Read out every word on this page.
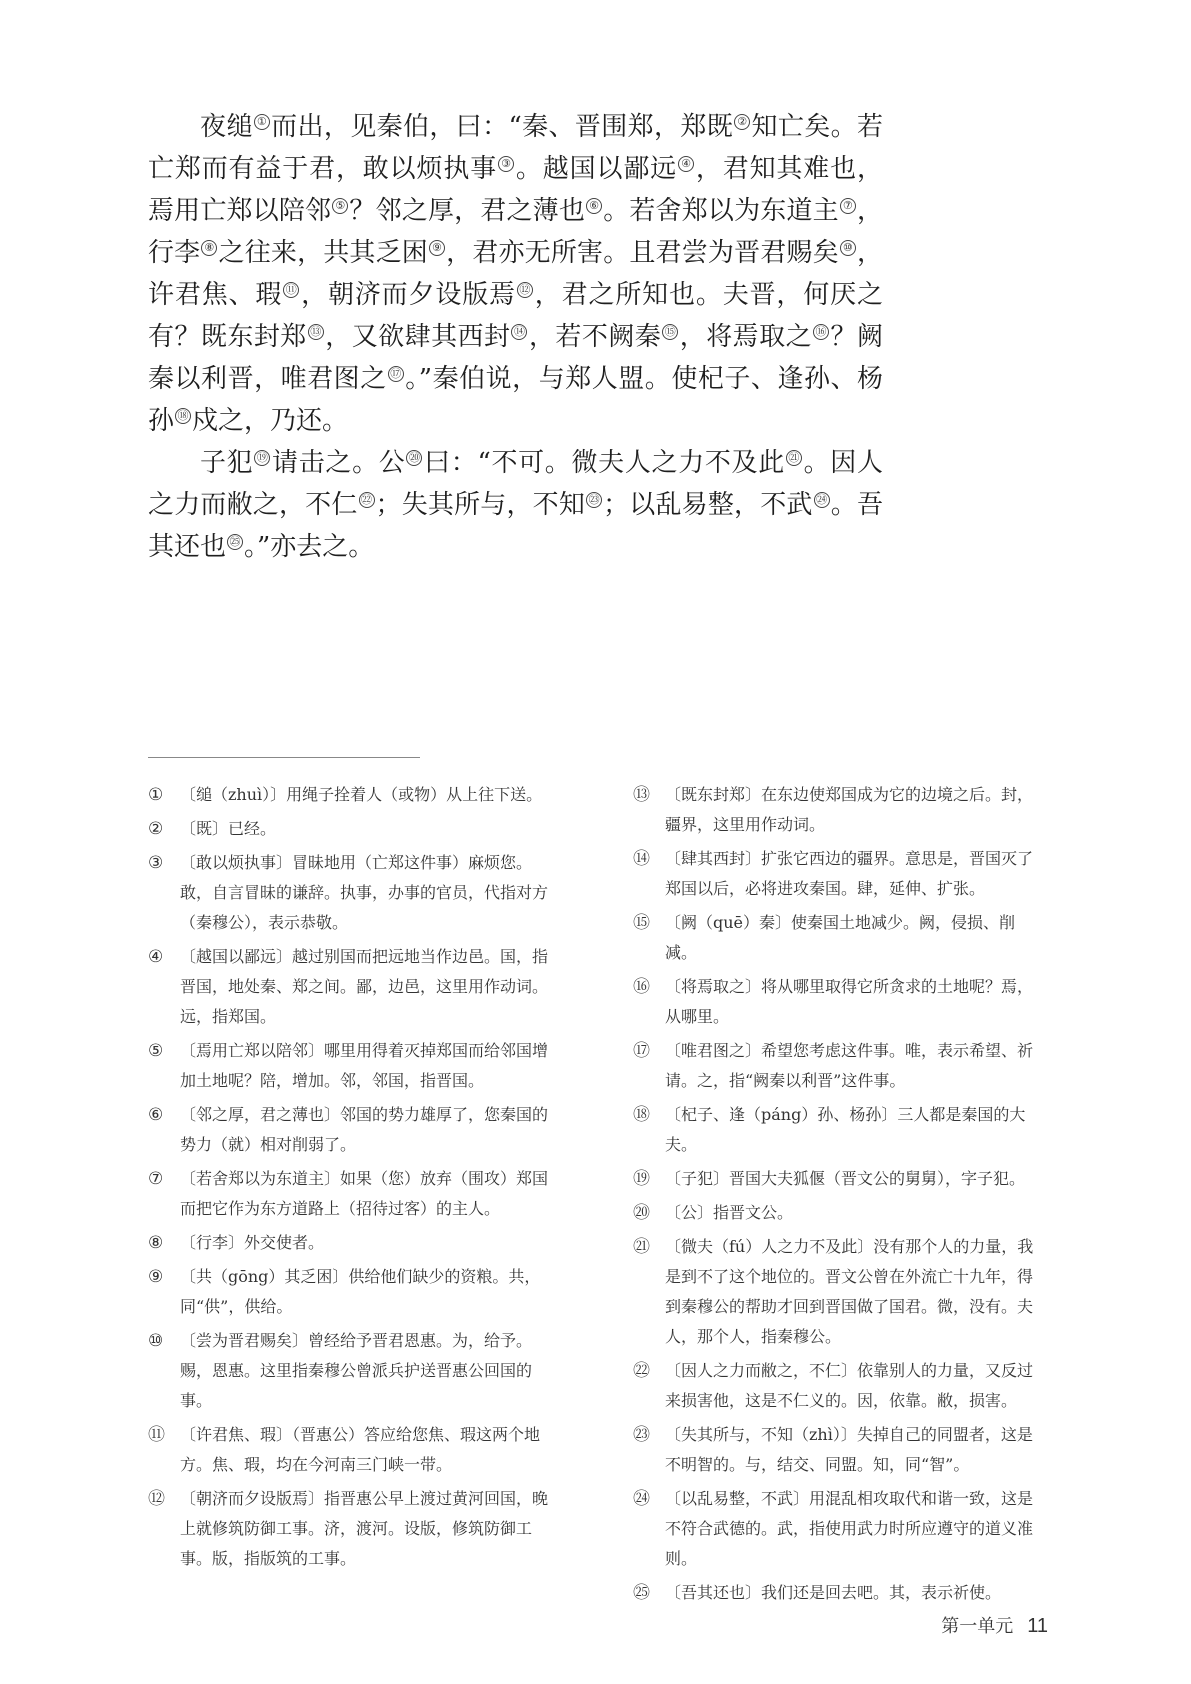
夜缒 ① 而出，见秦伯，曰：“秦、晋围郑，郑既 ② 知亡矣。若亡郑而有益于君，敢以烦执事 ③ 。越国以鄙远 ④ ，君知其难也，焉用亡郑以陪邻 ⑤ ？邻之厚，君之薄也 ⑥ 。若舍郑以为东道主 ⑦ ，行李 ⑧ 之往来，共其乏困 ⑨ ，君亦无所害。且君尝为晋君赐矣 ⑩ ，许君焦、瑕 ⑪ ，朝济而夕设版焉 ⑫ ，君之所知也。夫晋，何厌之有？既东封郑 ⑬ ，又欲肆其西封 ⑭ ，若不阙秦 ⑮ ，将焉取之 ⑯ ？阙秦以利晋，唯君图之 ⑰ 。”秦伯说，与郑人盟。使杞子、逢孙、杨孙 ⑱ 戍之，乃还。

子犯 ⑲ 请击之。公 ⑳ 曰：“不可。微夫人之力不及此 ㉑ 。因人之力而敝之，不仁 ㉒ ；失其所与，不知 ㉓ ；以乱易整，不武 ㉔ 。吾其还也 ㉕ 。”亦去之。

① 〔缒（zhuì）〕用绳子拴着人（或物）从上往下送。
② 〔既〕已经。
③ 〔敢以烦执事〕冒昧地用（亡郑这件事）麻烦您。敢，自言冒昧的谦辞。执事，办事的官员，代指对方（秦穆公），表示恭敬。
④ 〔越国以鄙远〕越过别国而把远地当作边邑。国，指晋国，地处秦、郑之间。鄙，边邑，这里用作动词。远，指郑国。
⑤ 〔焉用亡郑以陪邻〕哪里用得着灭掉郑国而给邻国增加土地呢？陪，增加。邻，邻国，指晋国。
⑥ 〔邻之厚，君之薄也〕邻国的势力雄厚了，您秦国的势力（就）相对削弱了。
⑦ 〔若舍郑以为东道主〕如果（您）放弃（围攻）郑国而把它作为东方道路上（招待过客）的主人。
⑧ 〔行李〕外交使者。
⑨ 〔共（gōng）其乏困〕供给他们缺少的资粮。共，同“供”，供给。
⑩ 〔尝为晋君赐矣〕曾经给予晋君恩惠。为，给予。赐，恩惠。这里指秦穆公曾派兵护送晋惠公回国的事。
⑪ 〔许君焦、瑕〕（晋惠公）答应给您焦、瑕这两个地方。焦、瑕，均在今河南三门峡一带。
⑫ 〔朝济而夕设版焉〕指晋惠公早上渡过黄河回国，晚上就修筑防御工事。济，渡河。设版，修筑防御工事。版，指版筑的工事。
⑬ 〔既东封郑〕在东边使郑国成为它的边境之后。封，疆界，这里用作动词。
⑭ 〔肆其西封〕扩张它西边的疆界。意思是，晋国灭了郑国以后，必将进攻秦国。肆，延伸、扩张。
⑮ 〔阙（quē）秦〕使秦国土地减少。阙，侵损、削减。
⑯ 〔将焉取之〕将从哪里取得它所贪求的土地呢？焉，从哪里。
⑰ 〔唯君图之〕希望您考虑这件事。唯，表示希望、祈请。之，指“阙秦以利晋”这件事。
⑱ 〔杞子、逢（páng）孙、杨孙〕三人都是秦国的大夫。
⑲ 〔子犯〕晋国大夫狐偃（晋文公的舅舅），字子犯。
⑳ 〔公〕指晋文公。
㉑ 〔微夫（fú）人之力不及此〕没有那个人的力量，我是到不了这个地位的。晋文公曾在外流亡十九年，得到秦穆公的帮助才回到晋国做了国君。微，没有。夫人，那个人，指秦穆公。
㉒ 〔因人之力而敝之，不仁〕依靠别人的力量，又反过来损害他，这是不仁义的。因，依靠。敝，损害。
㉓ 〔失其所与，不知（zhì）〕失掉自己的同盟者，这是不明智的。与，结交、同盟。知，同“智”。
㉔ 〔以乱易整，不武〕用混乱相攻取代和谐一致，这是不符合武德的。武，指使用武力时所应遵守的道义准则。
㉕ 〔吾其还也〕我们还是回去吧。其，表示祈使。
第一单元 11
